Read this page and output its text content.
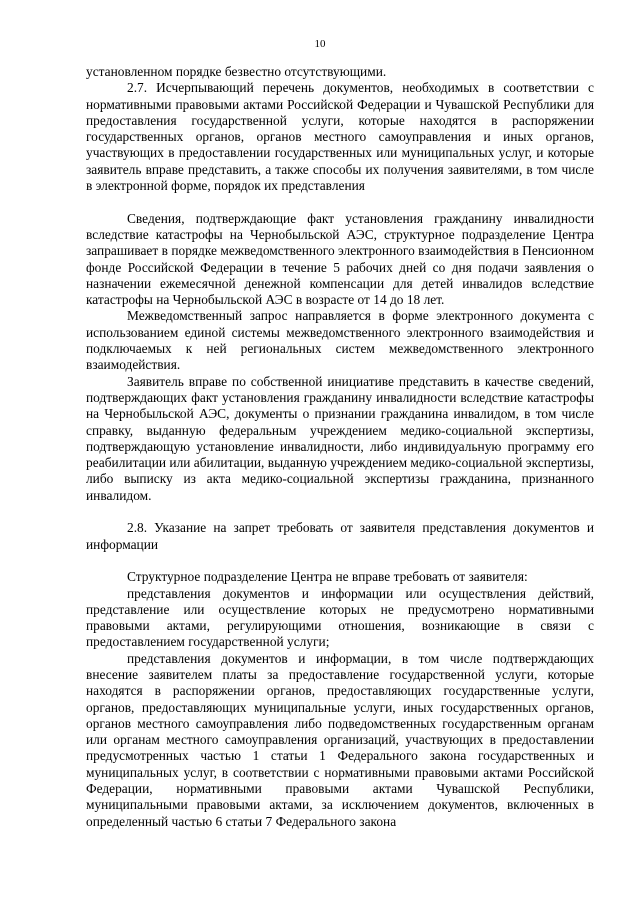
10

установленном порядке безвестно отсутствующими.

2.7. Исчерпывающий перечень документов, необходимых в соответствии с нормативными правовыми актами Российской Федерации и Чувашской Республики для предоставления государственной услуги, которые находятся в распоряжении государственных органов, органов местного самоуправления и иных органов, участвующих в предоставлении государственных или муниципальных услуг, и которые заявитель вправе представить, а также способы их получения заявителями, в том числе в электронной форме, порядок их представления

Сведения, подтверждающие факт установления гражданину инвалидности вследствие катастрофы на Чернобыльской АЭС, структурное подразделение Центра запрашивает в порядке межведомственного электронного взаимодействия в Пенсионном фонде Российской Федерации в течение 5 рабочих дней со дня подачи заявления о назначении ежемесячной денежной компенсации для детей инвалидов вследствие катастрофы на Чернобыльской АЭС в возрасте от 14 до 18 лет.

Межведомственный запрос направляется в форме электронного документа с использованием единой системы межведомственного электронного взаимодействия и подключаемых к ней региональных систем межведомственного электронного взаимодействия.

Заявитель вправе по собственной инициативе представить в качестве сведений, подтверждающих факт установления гражданину инвалидности вследствие катастрофы на Чернобыльской АЭС, документы о признании гражданина инвалидом, в том числе справку, выданную федеральным учреждением медико-социальной экспертизы, подтверждающую установление инвалидности, либо индивидуальную программу его реабилитации или абилитации, выданную учреждением медико-социальной экспертизы, либо выписку из акта медико-социальной экспертизы гражданина, признанного инвалидом.

2.8. Указание на запрет требовать от заявителя представления документов и информации

Структурное подразделение Центра не вправе требовать от заявителя:

представления документов и информации или осуществления действий, представление или осуществление которых не предусмотрено нормативными правовыми актами, регулирующими отношения, возникающие в связи с предоставлением государственной услуги;

представления документов и информации, в том числе подтверждающих внесение заявителем платы за предоставление государственной услуги, которые находятся в распоряжении органов, предоставляющих государственные услуги, органов, предоставляющих муниципальные услуги, иных государственных органов, органов местного самоуправления либо подведомственных государственным органам или органам местного самоуправления организаций, участвующих в предоставлении предусмотренных частью 1 статьи 1 Федерального закона государственных и муниципальных услуг, в соответствии с нормативными правовыми актами Российской Федерации, нормативными правовыми актами Чувашской Республики, муниципальными правовыми актами, за исключением документов, включенных в определенный частью 6 статьи 7 Федерального закона
